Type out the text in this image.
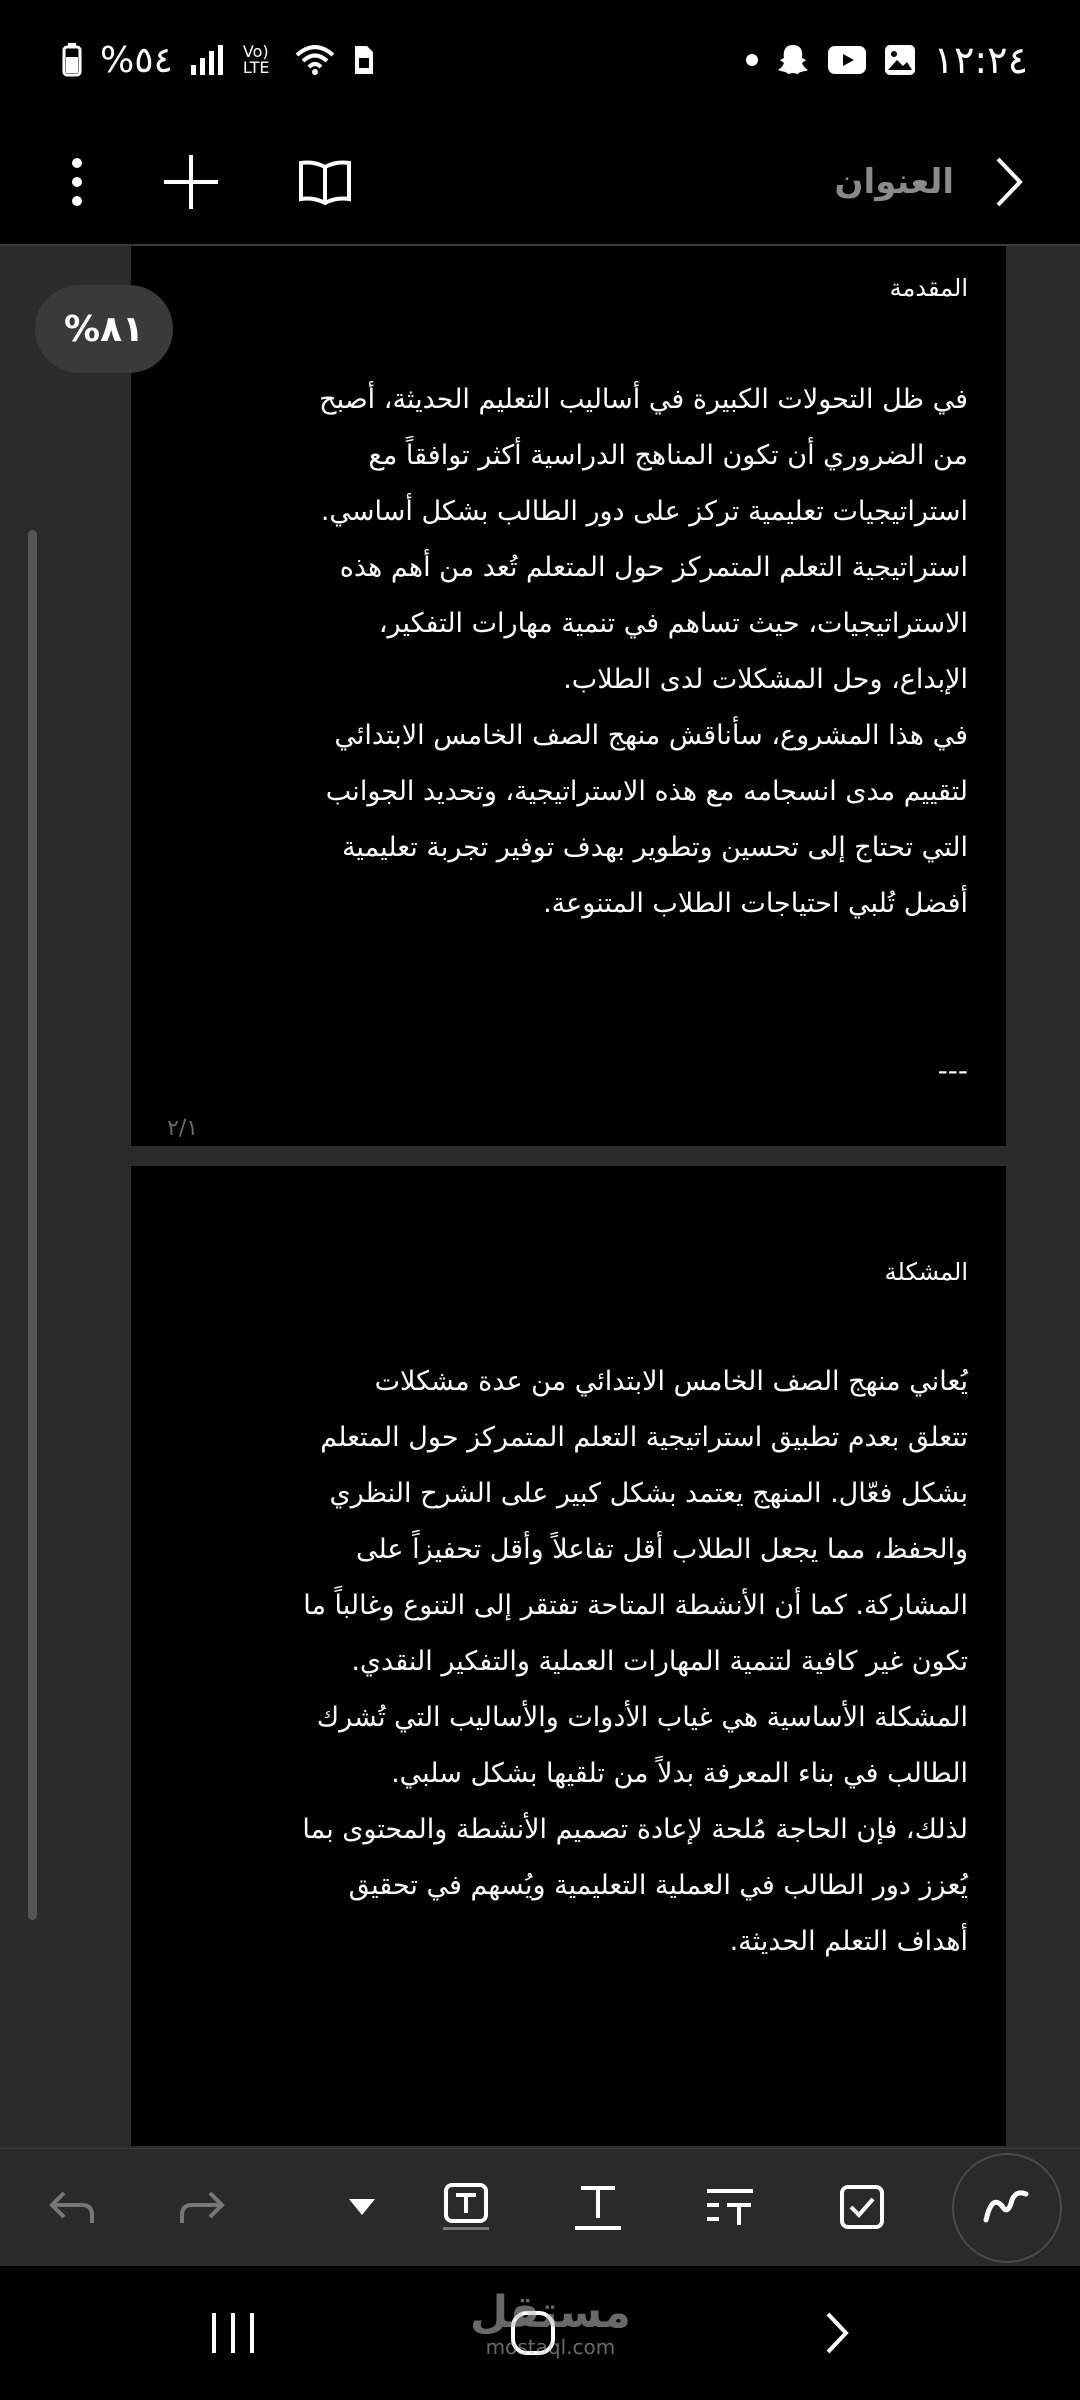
%٥٤	Vo) LTE	١٢:٢٤
العنوان
المقدمة
في ظل التحولات الكبيرة في أساليب التعليم الحديثة، أصبح
من الضروري أن تكون المناهج الدراسية أكثر توافقاً مع
استراتيجيات تعليمية تركز على دور الطالب بشكل أساسي.
استراتيجية التعلم المتمركز حول المتعلم تُعد من أهم هذه
الاستراتيجيات، حيث تساهم في تنمية مهارات التفكير،
الإبداع، وحل المشكلات لدى الطلاب.
في هذا المشروع، سأناقش منهج الصف الخامس الابتدائي
لتقييم مدى انسجامه مع هذه الاستراتيجية، وتحديد الجوانب
التي تحتاج إلى تحسين وتطوير بهدف توفير تجربة تعليمية
أفضل تُلبي احتياجات الطلاب المتنوعة.
---
٢/١
المشكلة
يُعاني منهج الصف الخامس الابتدائي من عدة مشكلات
تتعلق بعدم تطبيق استراتيجية التعلم المتمركز حول المتعلم
بشكل فعّال. المنهج يعتمد بشكل كبير على الشرح النظري
والحفظ، مما يجعل الطلاب أقل تفاعلاً وأقل تحفيزاً على
المشاركة. كما أن الأنشطة المتاحة تفتقر إلى التنوع وغالباً ما
تكون غير كافية لتنمية المهارات العملية والتفكير النقدي.
المشكلة الأساسية هي غياب الأدوات والأساليب التي تُشرك
الطالب في بناء المعرفة بدلاً من تلقيها بشكل سلبي.
لذلك، فإن الحاجة مُلحة لإعادة تصميم الأنشطة والمحتوى بما
يُعزز دور الطالب في العملية التعليمية ويُسهم في تحقيق
أهداف التعلم الحديثة.
%٨١
مستقل
mostaql.com
